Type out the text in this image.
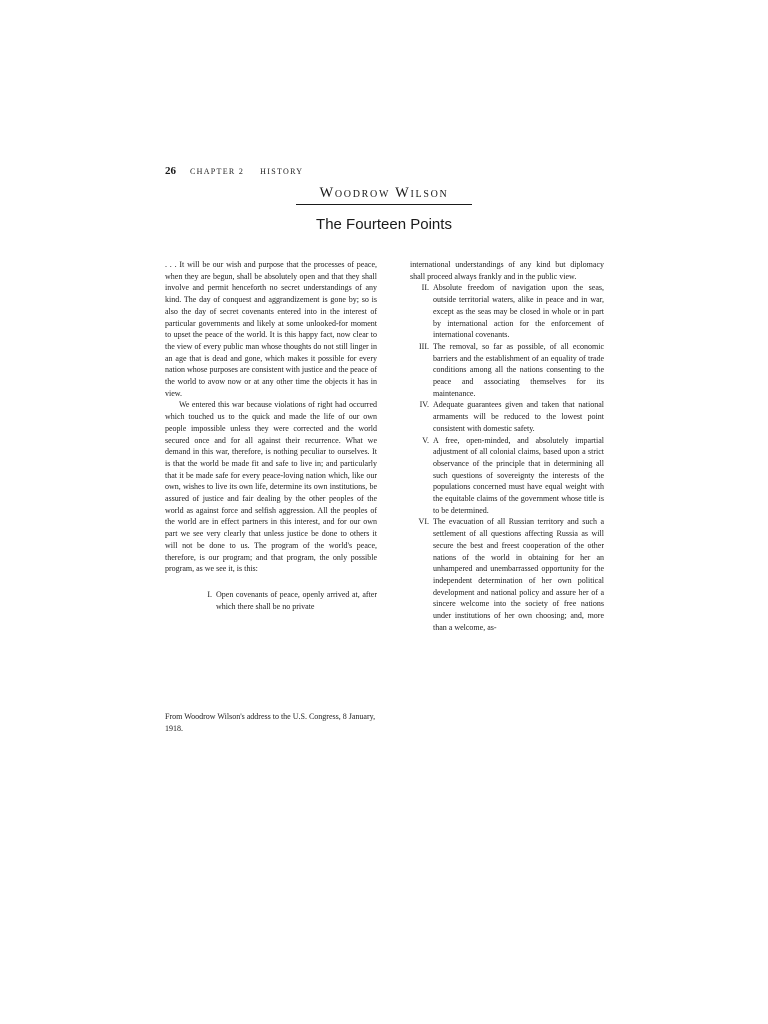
26 CHAPTER 2 HISTORY
Woodrow Wilson
The Fourteen Points

. . . It will be our wish and purpose that the processes of peace, when they are begun, shall be absolutely open and that they shall involve and permit henceforth no secret understandings of any kind. The day of conquest and aggrandizement is gone by; so is also the day of secret covenants entered into in the interest of particular governments and likely at some unlooked-for moment to upset the peace of the world. It is this happy fact, now clear to the view of every public man whose thoughts do not still linger in an age that is dead and gone, which makes it possible for every nation whose purposes are consistent with justice and the peace of the world to avow now or at any other time the objects it has in view.

We entered this war because violations of right had occurred which touched us to the quick and made the life of our own people impossible unless they were corrected and the world secured once and for all against their recurrence. What we demand in this war, therefore, is nothing peculiar to ourselves. It is that the world be made fit and safe to live in; and particularly that it be made safe for every peace-loving nation which, like our own, wishes to live its own life, determine its own institutions, be assured of justice and fair dealing by the other peoples of the world as against force and selfish aggression. All the peoples of the world are in effect partners in this interest, and for our own part we see very clearly that unless justice be done to others it will not be done to us. The program of the world's peace, therefore, is our program; and that program, the only possible program, as we see it, is this:

I. Open covenants of peace, openly arrived at, after which there shall be no private
From Woodrow Wilson's address to the U.S. Congress, 8 January, 1918.

international understandings of any kind but diplomacy shall proceed always frankly and in the public view.

II. Absolute freedom of navigation upon the seas, outside territorial waters, alike in peace and in war, except as the seas may be closed in whole or in part by international action for the enforcement of international covenants.
III. The removal, so far as possible, of all economic barriers and the establishment of an equality of trade conditions among all the nations consenting to the peace and associating themselves for its maintenance.
IV. Adequate guarantees given and taken that national armaments will be reduced to the lowest point consistent with domestic safety.
V. A free, open-minded, and absolutely impartial adjustment of all colonial claims, based upon a strict observance of the principle that in determining all such questions of sovereignty the interests of the populations concerned must have equal weight with the equitable claims of the government whose title is to be determined.
VI. The evacuation of all Russian territory and such a settlement of all questions affecting Russia as will secure the best and freest cooperation of the other nations of the world in obtaining for her an unhampered and unembarrassed opportunity for the independent determination of her own political development and national policy and assure her of a sincere welcome into the society of free nations under institutions of her own choosing; and, more than a welcome, as-
